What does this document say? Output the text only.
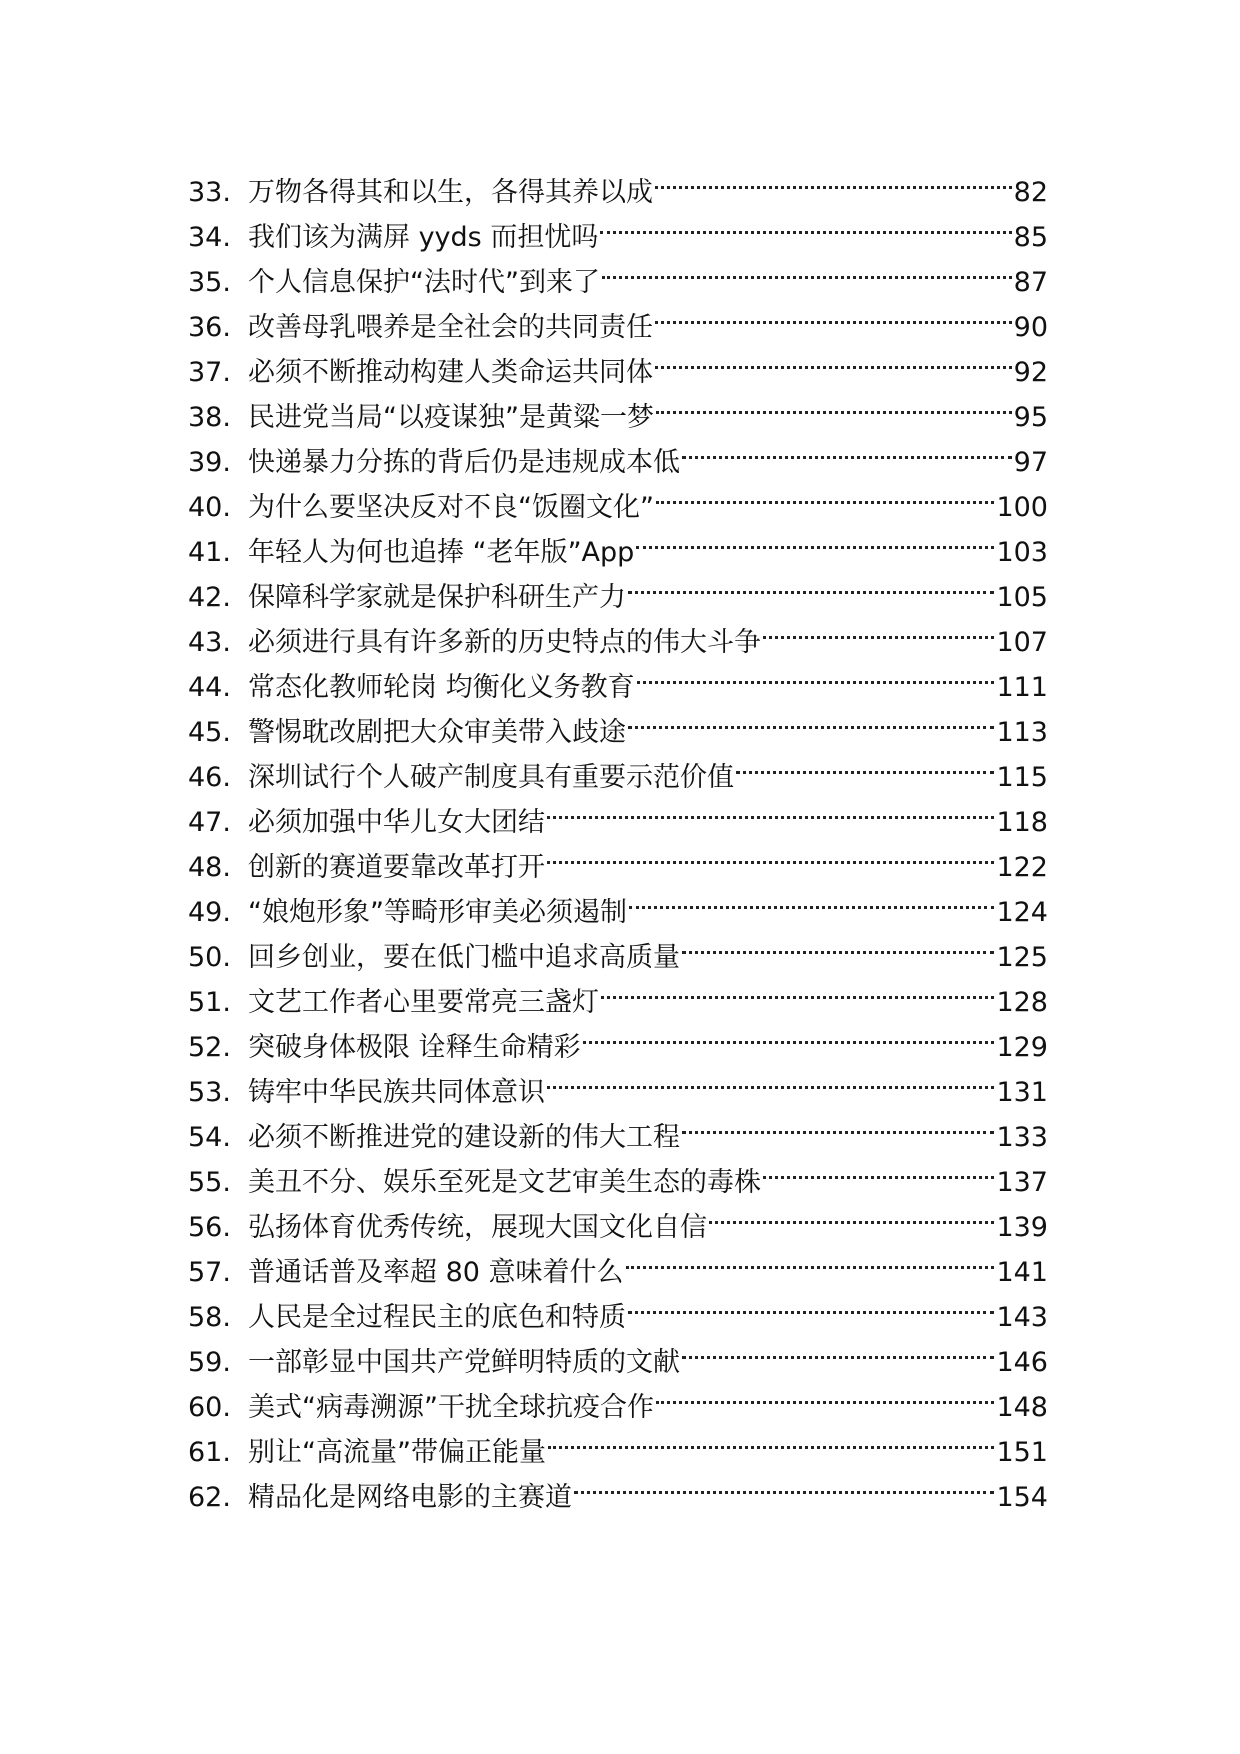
33. 万物各得其和以生，各得其养以成	82
34. 我们该为满屏 yyds 而担忧吗	85
35. 个人信息保护“法时代”到来了	87
36. 改善母乳喂养是全社会的共同责任	90
37. 必须不断推动构建人类命运共同体	92
38. 民进党当局“以疫谋独”是黄粱一梦	95
39. 快递暴力分拣的背后仍是违规成本低	97
40. 为什么要坚决反对不良“饭圈文化”	100
41. 年轻人为何也追捧 “老年版”App	103
42. 保障科学家就是保护科研生产力	105
43. 必须进行具有许多新的历史特点的伟大斗争	107
44. 常态化教师轮岗 均衡化义务教育	111
45. 警惕耽改剧把大众审美带入歧途	113
46. 深圳试行个人破产制度具有重要示范价值	115
47. 必须加强中华儿女大团结	118
48. 创新的赛道要靠改革打开	122
49. “娘炮形象”等畸形审美必须遏制	124
50. 回乡创业，要在低门槛中追求高质量	125
51. 文艺工作者心里要常亮三盏灯	128
52. 突破身体极限 诠释生命精彩	129
53. 铸牢中华民族共同体意识	131
54. 必须不断推进党的建设新的伟大工程	133
55. 美丑不分、娱乐至死是文艺审美生态的毒株	137
56. 弘扬体育优秀传统，展现大国文化自信	139
57. 普通话普及率超 80 意味着什么	141
58. 人民是全过程民主的底色和特质	143
59. 一部彰显中国共产党鲜明特质的文献	146
60. 美式“病毒溯源”干扰全球抗疫合作	148
61. 别让“高流量”带偏正能量	151
62. 精品化是网络电影的主赛道	154
